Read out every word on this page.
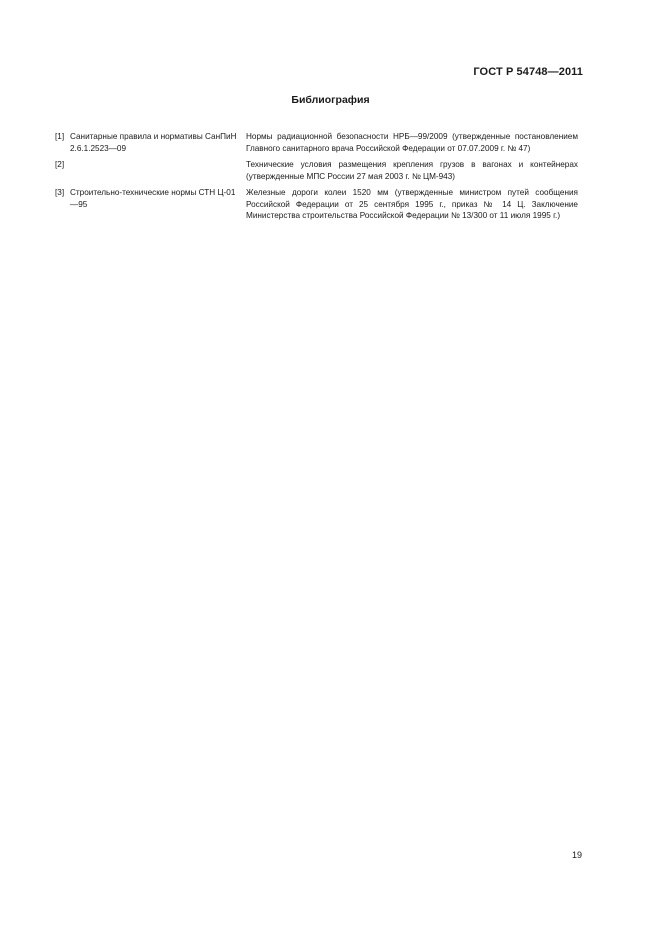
ГОСТ Р 54748—2011
Библиография
[1] Санитарные правила и нормативы СанПиН 2.6.1.2523—09
Нормы радиационной безопасности НРБ—99/2009 (утвержденные постановлением Главного санитарного врача Российской Федерации от 07.07.2009 г. № 47)
[2]	Технические условия размещения крепления грузов в вагонах и контейнерах (утвержденные МПС России 27 мая 2003 г. № ЦМ-943)
[3] Строительно-технические нормы СТН Ц-01—95
Железные дороги колеи 1520 мм (утвержденные министром путей сообщения Российской Федерации от 25 сентября 1995 г., приказ № 14 Ц. Заключение Министерства строительства Российской Федерации № 13/300 от 11 июля 1995 г.)
19
